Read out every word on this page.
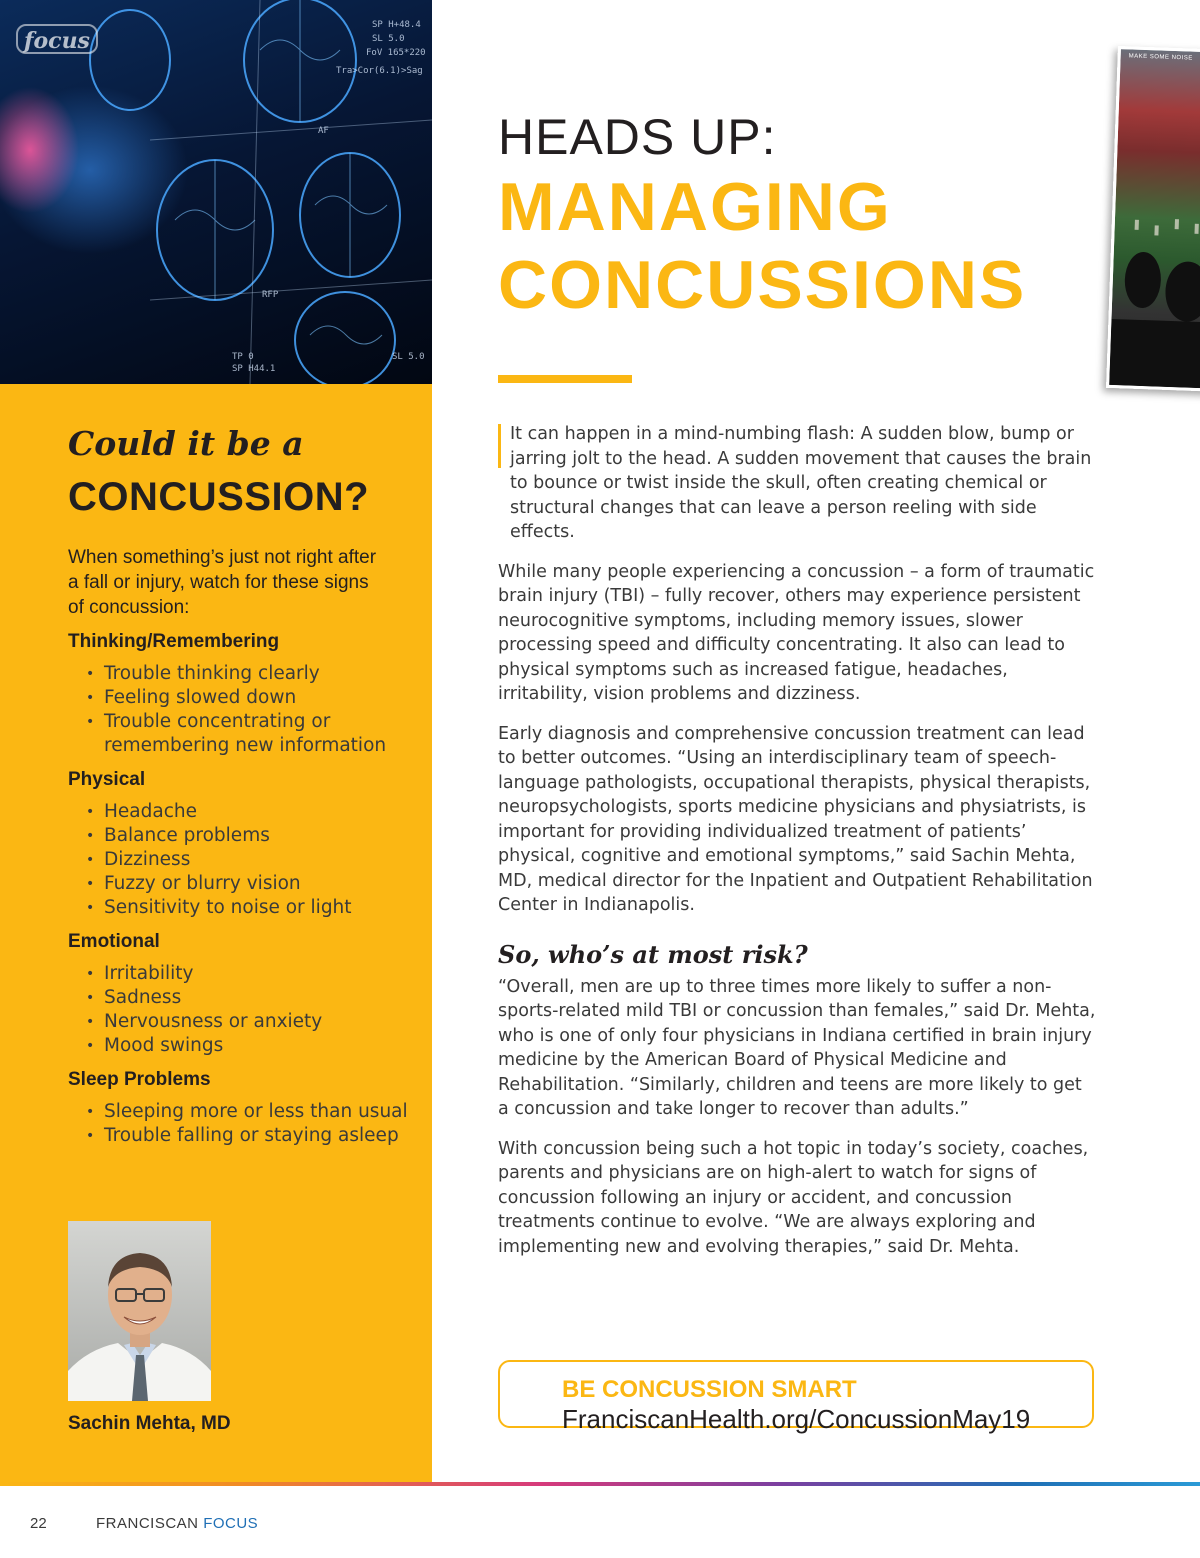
focus
SP H+48.4
SL 5.0
FoV 165*220
Tra>Cor(6.1)>Sag
AF
RFP
TP 0
SP H44.1
SL 5.0
Could it be a
CONCUSSION?

When something’s just not right after a fall or injury, watch for these signs of concussion:

Thinking/Remembering

• Trouble thinking clearly
• Feeling slowed down
• Trouble concentrating or remembering new information

Physical

• Headache
• Balance problems
• Dizziness
• Fuzzy or blurry vision
• Sensitivity to noise or light

Emotional

• Irritability
• Sadness
• Nervousness or anxiety
• Mood swings

Sleep Problems

• Sleeping more or less than usual
• Trouble falling or staying asleep

Sachin Mehta, MD

MAKE SOME NOISE
HEADS UP:
MANAGING
CONCUSSIONS

It can happen in a mind-numbing flash: A sudden blow, bump or jarring jolt to the head. A sudden movement that causes the brain to bounce or twist inside the skull, often creating chemical or structural changes that can leave a person reeling with side effects.

While many people experiencing a concussion – a form of traumatic brain injury (TBI) – fully recover, others may experience persistent neurocognitive symptoms, including memory issues, slower processing speed and difficulty concentrating. It also can lead to physical symptoms such as increased fatigue, headaches, irritability, vision problems and dizziness.

Early diagnosis and comprehensive concussion treatment can lead to better outcomes. “Using an interdisciplinary team of speech-language pathologists, occupational therapists, physical therapists, neuropsychologists, sports medicine physicians and physiatrists, is important for providing individualized treatment of patients’ physical, cognitive and emotional symptoms,” said Sachin Mehta, MD, medical director for the Inpatient and Outpatient Rehabilitation Center in Indianapolis.

So, who’s at most risk?

“Overall, men are up to three times more likely to suffer a non-sports-related mild TBI or concussion than females,” said Dr. Mehta, who is one of only four physicians in Indiana certified in brain injury medicine by the American Board of Physical Medicine and Rehabilitation. “Similarly, children and teens are more likely to get a concussion and take longer to recover than adults.”

With concussion being such a hot topic in today’s society, coaches, parents and physicians are on high-alert to watch for signs of concussion following an injury or accident, and concussion treatments continue to evolve. “We are always exploring and implementing new and evolving therapies,” said Dr. Mehta.

BE CONCUSSION SMART

FranciscanHealth.org/ConcussionMay19

22	FRANCISCAN FOCUS
